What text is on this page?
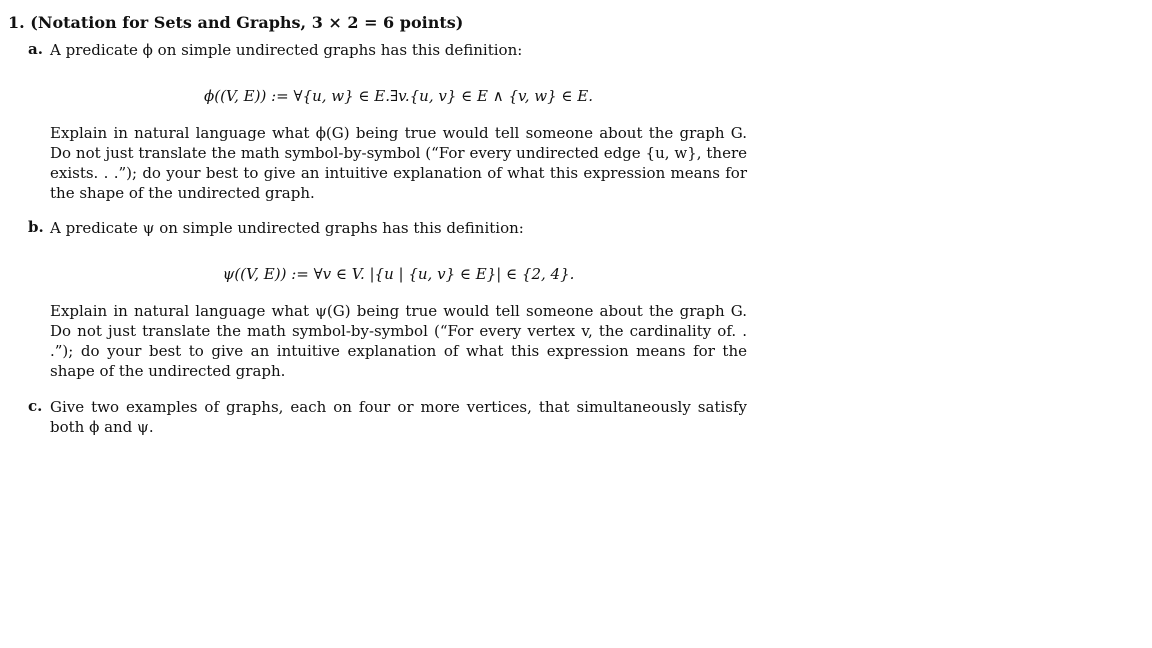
1. (Notation for Sets and Graphs, 3 × 2 = 6 points)
a. A predicate ϕ on simple undirected graphs has this definition:
ϕ((V, E)) := ∀{u, w} ∈ E.∃v.{u, v} ∈ E ∧ {v, w} ∈ E.
Explain in natural language what ϕ(G) being true would tell someone about the graph G. Do not just translate the math symbol-by-symbol (“For every undirected edge {u, w}, there exists. . .”); do your best to give an intuitive explanation of what this expression means for the shape of the undirected graph.
b. A predicate ψ on simple undirected graphs has this definition:
ψ((V, E)) := ∀v ∈ V. |{u | {u, v} ∈ E}| ∈ {2, 4}.
Explain in natural language what ψ(G) being true would tell someone about the graph G. Do not just translate the math symbol-by-symbol (“For every vertex v, the cardinality of. . .”); do your best to give an intuitive explanation of what this expression means for the shape of the undirected graph.
c. Give two examples of graphs, each on four or more vertices, that simultaneously satisfy both ϕ and ψ.
